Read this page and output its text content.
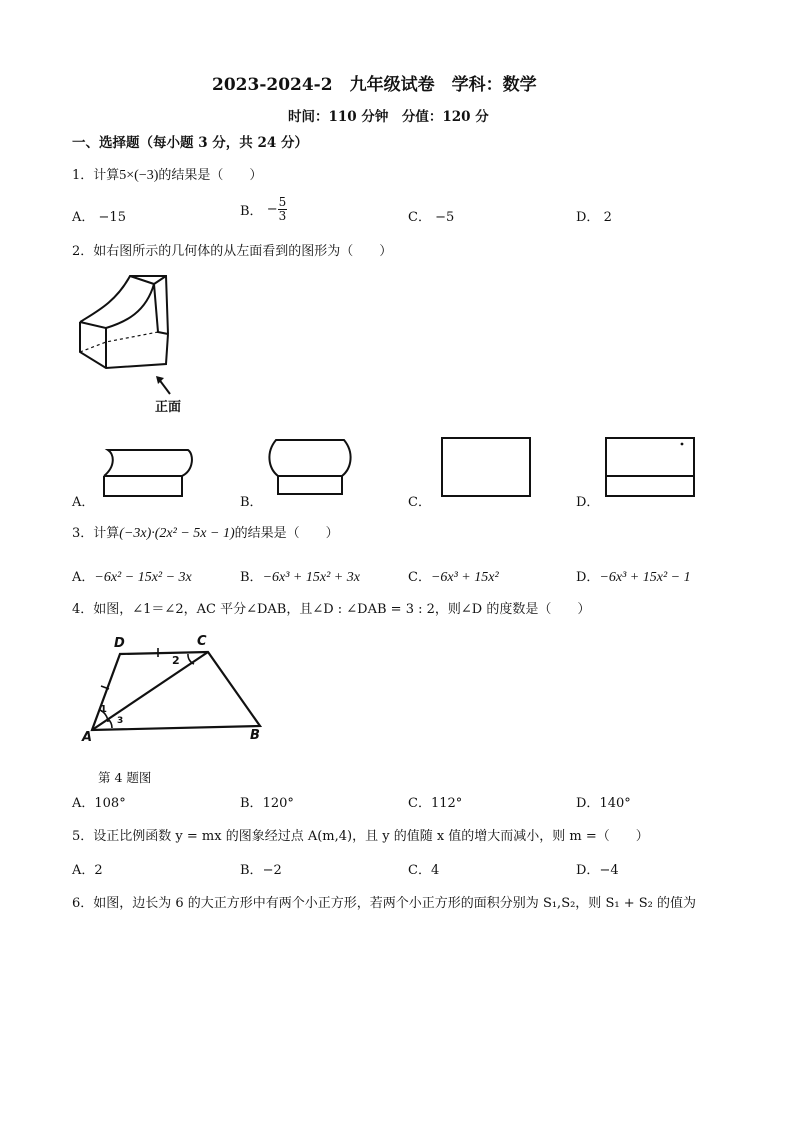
2023-2024-2　九年级试卷　学科：数学
时间：110 分钟　分值：120 分
一、选择题（每小题 3 分，共 24 分）
1．计算5×(−3)的结果是（　　）
A． −15	B． − $\frac{5}{3}$	C． −5	D． 2
2．如右图所示的几何体的从左面看到的图形为（　　）
正面
A．	B．	C．	D．
3．计算(−3x)·(2x² − 5x − 1)的结果是（　　）
A．−6x² − 15x² − 3x	B．−6x³ + 15x² + 3x	C．−6x³ + 15x²	D．−6x³ + 15x² − 1
4．如图，∠1＝∠2，AC 平分∠DAB，且∠D : ∠DAB = 3 : 2，则∠D 的度数是（　　）
D	C
A	B
1
2
3
第 4 题图
A．108°	B．120°	C．112°	D．140°
5．设正比例函数 y = mx 的图象经过点 A(m,4)，且 y 的值随 x 值的增大而减小，则 m =（　　）
A．2	B．−2	C．4	D．−4
6．如图，边长为 6 的大正方形中有两个小正方形，若两个小正方形的面积分别为 S₁,S₂，则 S₁ + S₂ 的值为
